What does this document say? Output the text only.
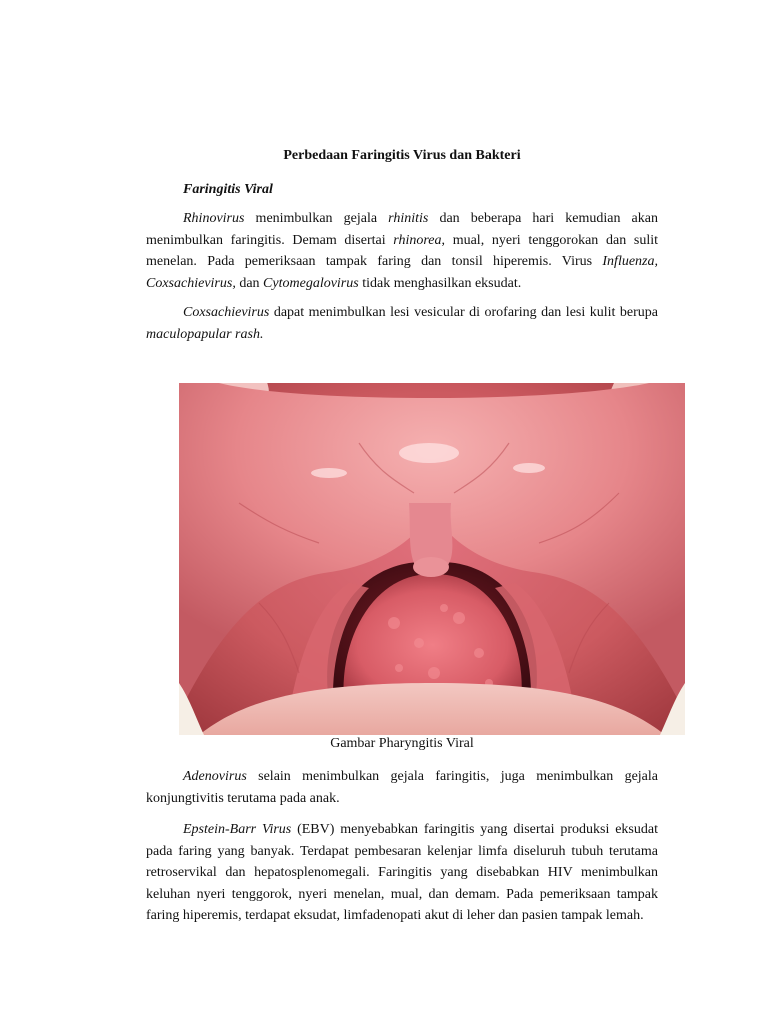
Perbedaan Faringitis Virus dan Bakteri
Faringitis Viral

Rhinovirus menimbulkan gejala rhinitis dan beberapa hari kemudian akan menimbulkan faringitis. Demam disertai rhinorea, mual, nyeri tenggorokan dan sulit menelan. Pada pemeriksaan tampak faring dan tonsil hiperemis. Virus Influenza, Coxsachievirus, dan Cytomegalovirus tidak menghasilkan eksudat.

Coxsachievirus dapat menimbulkan lesi vesicular di orofaring dan lesi kulit berupa maculopapular rash.

Gambar Pharyngitis Viral

Adenovirus selain menimbulkan gejala faringitis, juga menimbulkan gejala konjungtivitis terutama pada anak.

Epstein-Barr Virus (EBV) menyebabkan faringitis yang disertai produksi eksudat pada faring yang banyak. Terdapat pembesaran kelenjar limfa diseluruh tubuh terutama retroservikal dan hepatosplenomegali. Faringitis yang disebabkan HIV menimbulkan keluhan nyeri tenggorok, nyeri menelan, mual, dan demam. Pada pemeriksaan tampak faring hiperemis, terdapat eksudat, limfadenopati akut di leher dan pasien tampak lemah.
